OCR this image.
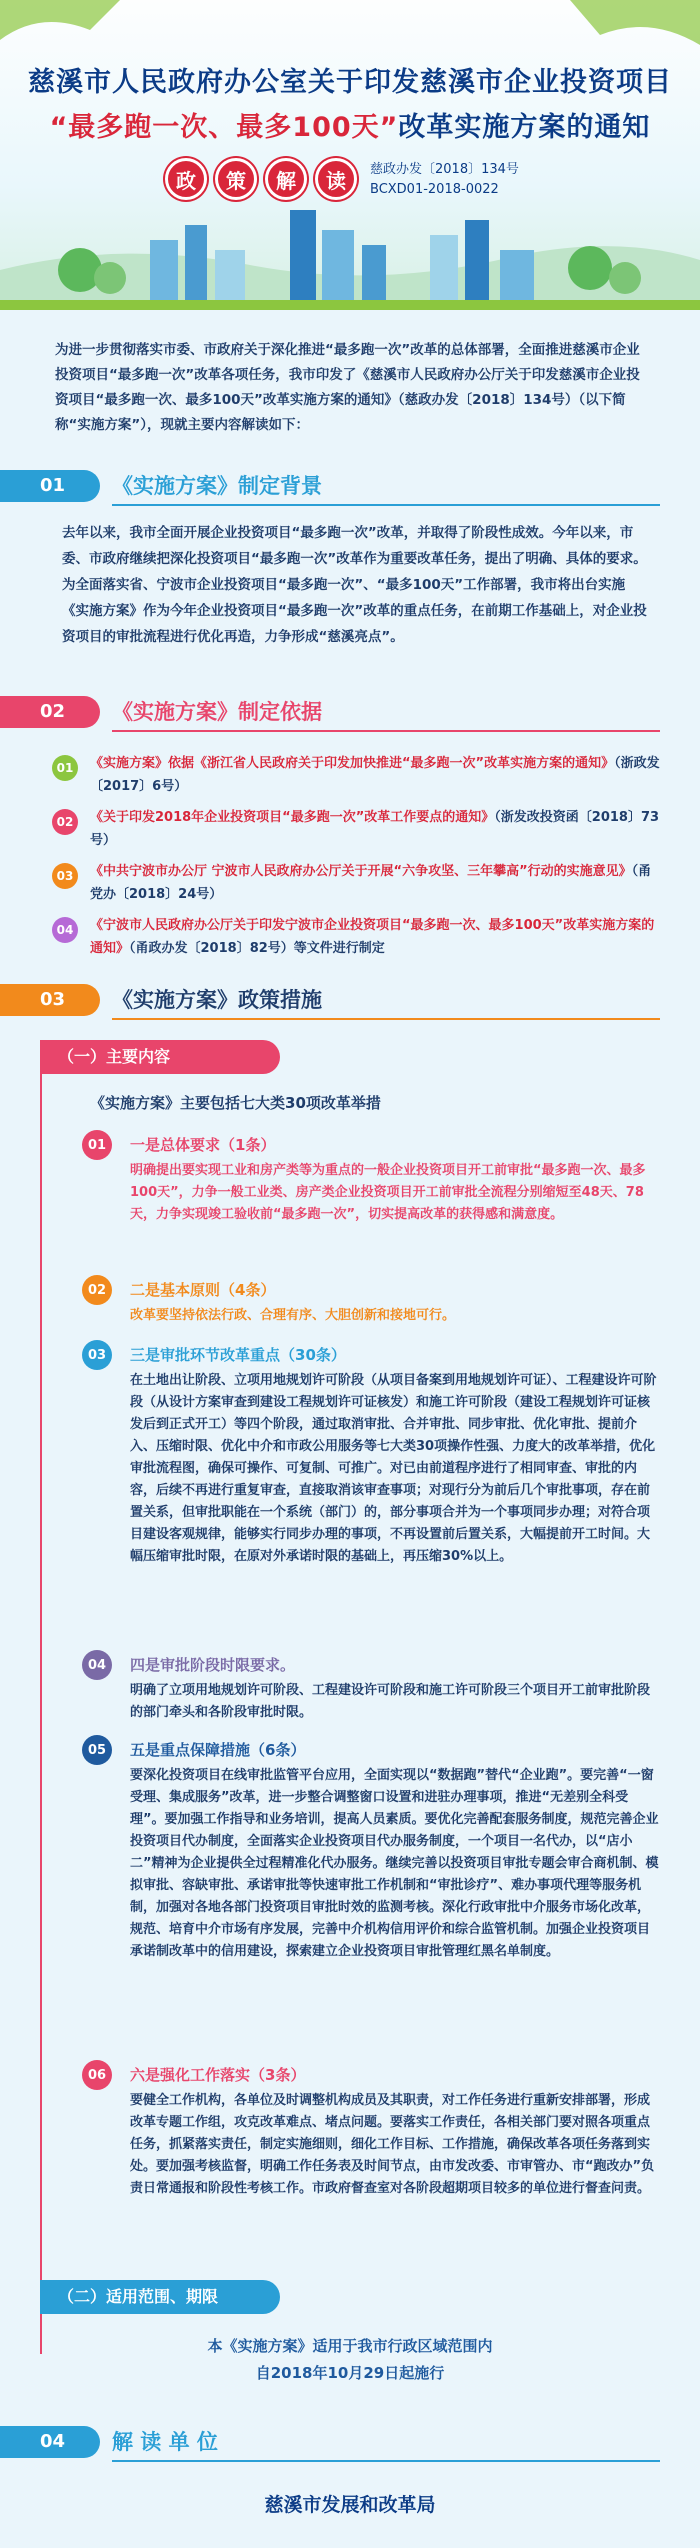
慈溪市人民政府办公室关于印发慈溪市企业投资项目
“最多跑一次、最多100天”改革实施方案的通知
政	策	解	读	慈政办发〔2018〕134号
BCXD01-2018-0022
为进一步贯彻落实市委、市政府关于深化推进“最多跑一次”改革的总体部署，全面推进慈溪市企业投资项目“最多跑一次”改革各项任务，我市印发了《慈溪市人民政府办公厅关于印发慈溪市企业投资项目“最多跑一次、最多100天”改革实施方案的通知》（慈政办发〔2018〕134号）（以下简称“实施方案”），现就主要内容解读如下：
01	《实施方案》制定背景
去年以来，我市全面开展企业投资项目“最多跑一次”改革，并取得了阶段性成效。今年以来，市委、市政府继续把深化投资项目“最多跑一次”改革作为重要改革任务，提出了明确、具体的要求。为全面落实省、宁波市企业投资项目“最多跑一次”、“最多100天”工作部署，我市将出台实施《实施方案》作为今年企业投资项目“最多跑一次”改革的重点任务，在前期工作基础上，对企业投资项目的审批流程进行优化再造，力争形成“慈溪亮点”。
02	《实施方案》制定依据
01	《实施方案》依据《浙江省人民政府关于印发加快推进“最多跑一次”改革实施方案的通知》（浙政发〔2017〕6号）
02	《关于印发2018年企业投资项目“最多跑一次”改革工作要点的通知》（浙发改投资函〔2018〕73号）
03	《中共宁波市办公厅 宁波市人民政府办公厅关于开展“六争攻坚、三年攀高”行动的实施意见》（甬党办〔2018〕24号）
04	《宁波市人民政府办公厅关于印发宁波市企业投资项目“最多跑一次、最多100天”改革实施方案的通知》（甬政办发〔2018〕82号）等文件进行制定
03	《实施方案》政策措施
（一）主要内容
《实施方案》主要包括七大类30项改革举措
01	一是总体要求（1条）
明确提出要实现工业和房产类等为重点的一般企业投资项目开工前审批“最多跑一次、最多100天”，力争一般工业类、房产类企业投资项目开工前审批全流程分别缩短至48天、78天，力争实现竣工验收前“最多跑一次”，切实提高改革的获得感和满意度。
02	二是基本原则（4条）
改革要坚持依法行政、合理有序、大胆创新和接地可行。
03	三是审批环节改革重点（30条）
在土地出让阶段、立项用地规划许可阶段（从项目备案到用地规划许可证）、工程建设许可阶段（从设计方案审查到建设工程规划许可证核发）和施工许可阶段（建设工程规划许可证核发后到正式开工）等四个阶段，通过取消审批、合并审批、同步审批、优化审批、提前介入、压缩时限、优化中介和市政公用服务等七大类30项操作性强、力度大的改革举措，优化审批流程图，确保可操作、可复制、可推广。对已由前道程序进行了相同审查、审批的内容，后续不再进行重复审查，直接取消该审查事项；对现行分为前后几个审批事项，存在前置关系，但审批职能在一个系统（部门）的，部分事项合并为一个事项同步办理；对符合项目建设客观规律，能够实行同步办理的事项，不再设置前后置关系，大幅提前开工时间。大幅压缩审批时限，在原对外承诺时限的基础上，再压缩30%以上。
04	四是审批阶段时限要求。
明确了立项用地规划许可阶段、工程建设许可阶段和施工许可阶段三个项目开工前审批阶段的部门牵头和各阶段审批时限。
05	五是重点保障措施（6条）
要深化投资项目在线审批监管平台应用，全面实现以“数据跑”替代“企业跑”。要完善“一窗受理、集成服务”改革，进一步整合调整窗口设置和进驻办理事项，推进“无差别全科受理”。要加强工作指导和业务培训，提高人员素质。要优化完善配套服务制度，规范完善企业投资项目代办制度，全面落实企业投资项目代办服务制度，一个项目一名代办，以“店小二”精神为企业提供全过程精准化代办服务。继续完善以投资项目审批专题会审合商机制、模拟审批、容缺审批、承诺审批等快速审批工作机制和“审批诊疗”、难办事项代理等服务机制，加强对各地各部门投资项目审批时效的监测考核。深化行政审批中介服务市场化改革，规范、培育中介市场有序发展，完善中介机构信用评价和综合监管机制。加强企业投资项目承诺制改革中的信用建设，探索建立企业投资项目审批管理红黑名单制度。
06	六是强化工作落实（3条）
要健全工作机构，各单位及时调整机构成员及其职责，对工作任务进行重新安排部署，形成改革专题工作组，攻克改革难点、堵点问题。要落实工作责任，各相关部门要对照各项重点任务，抓紧落实责任，制定实施细则，细化工作目标、工作措施，确保改革各项任务落到实处。要加强考核监督，明确工作任务表及时间节点，由市发改委、市审管办、市“跑改办”负责日常通报和阶段性考核工作。市政府督查室对各阶段超期项目较多的单位进行督查问责。
（二）适用范围、期限
本《实施方案》适用于我市行政区域范围内
自2018年10月29日起施行
04	解 读 单 位
慈溪市发展和改革局
